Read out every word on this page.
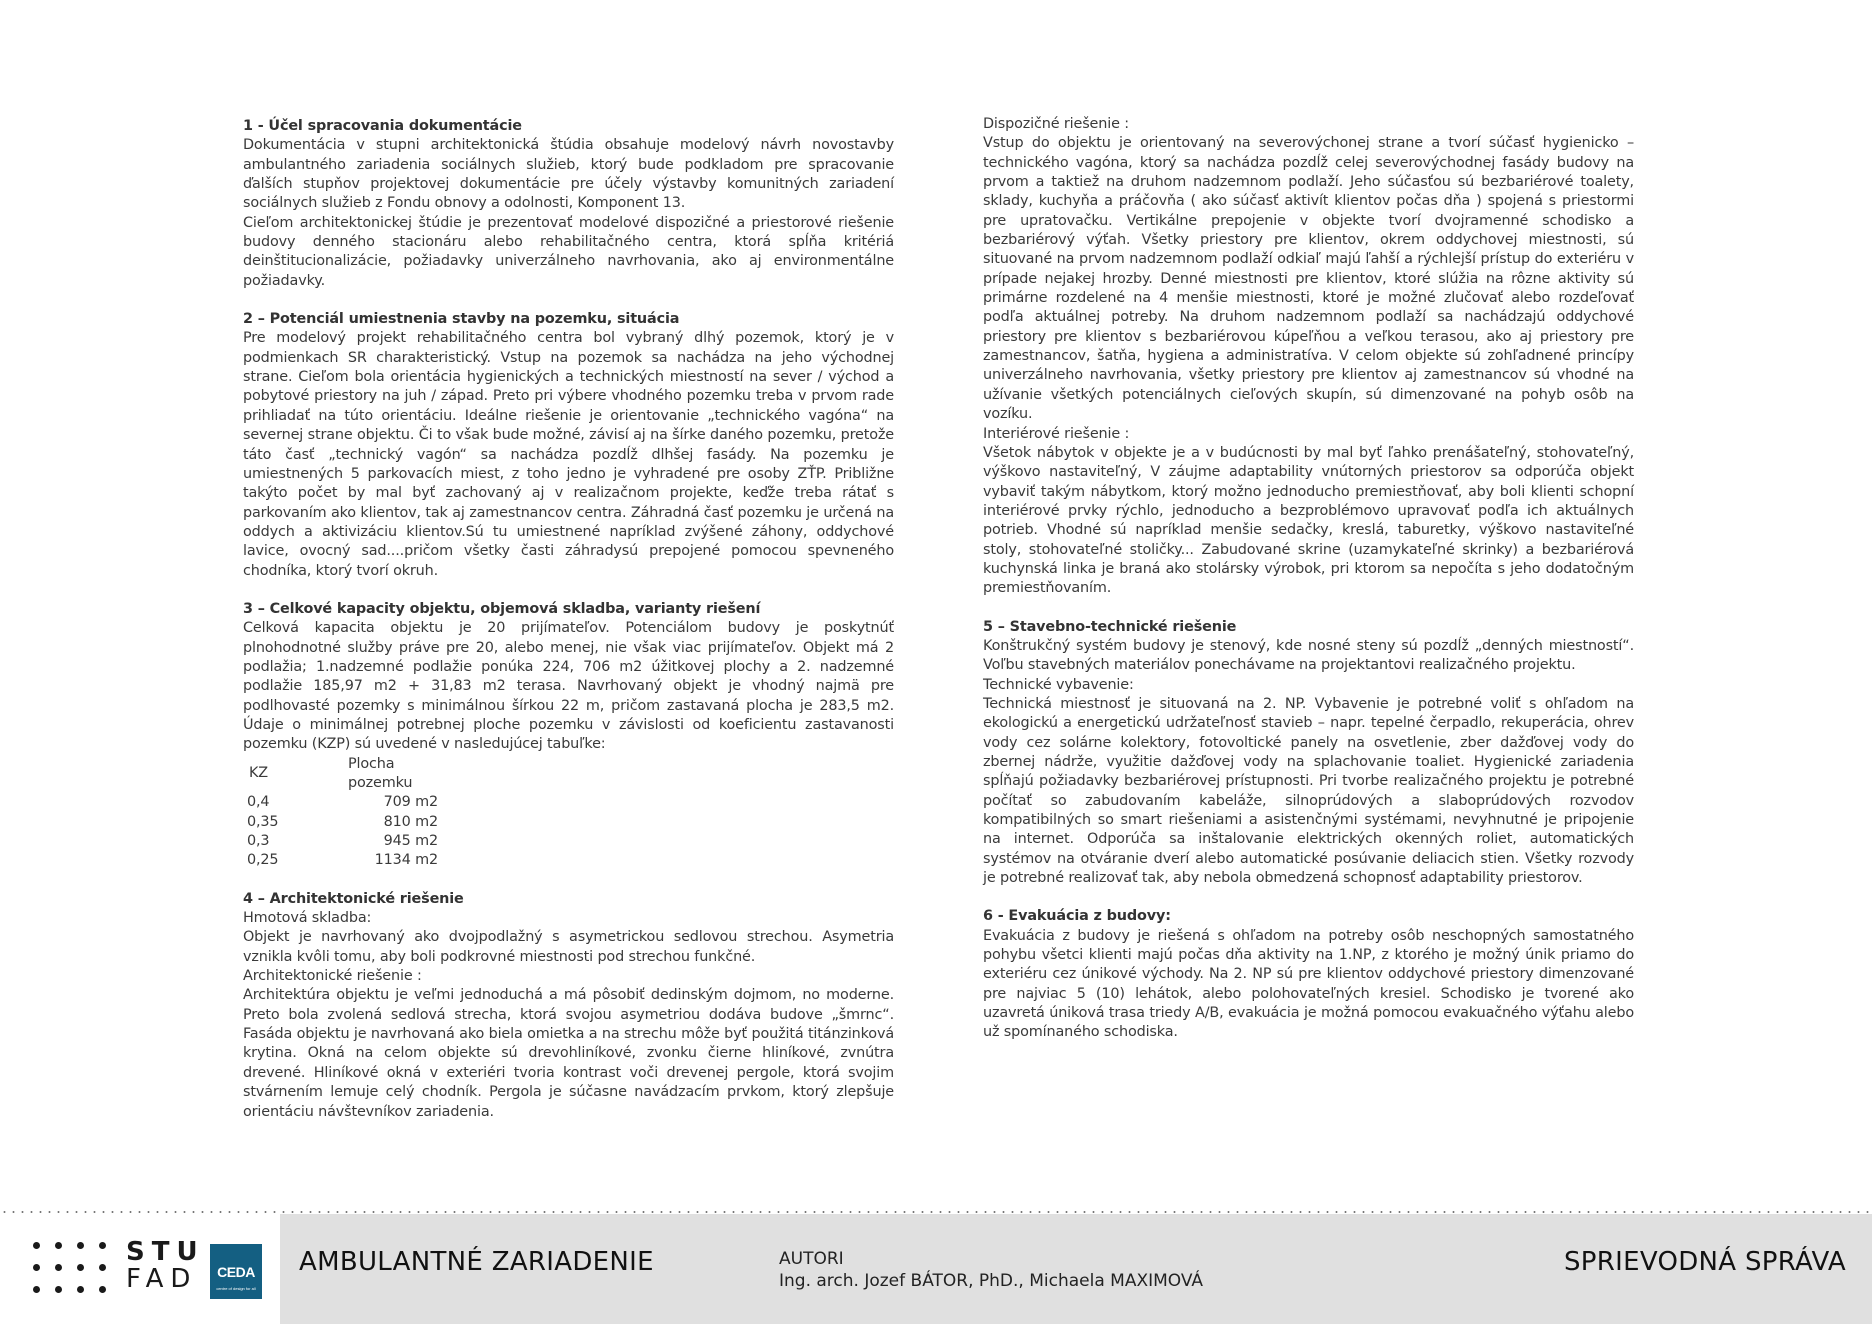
1 - Účel spracovania dokumentácie
Dokumentácia v stupni architektonická štúdia obsahuje modelový návrh novostavby ambulantného zariadenia sociálnych služieb, ktorý bude podkladom pre spracovanie ďalších stupňov projektovej dokumentácie pre účely výstavby komunitných zariadení sociálnych služieb z Fondu obnovy a odolnosti, Komponent 13.
Cieľom architektonickej štúdie je prezentovať modelové dispozičné a priestorové riešenie budovy denného stacionáru alebo rehabilitačného centra, ktorá spĺňa kritériá deinštitucionalizácie, požiadavky univerzálneho navrhovania, ako aj environmentálne požiadavky.
2 – Potenciál umiestnenia stavby na pozemku, situácia
Pre modelový projekt rehabilitačného centra bol vybraný dlhý pozemok, ktorý je v podmienkach SR charakteristický. Vstup na pozemok sa nachádza na jeho východnej strane. Cieľom bola orientácia hygienických a technických miestností na sever / východ a pobytové priestory na juh / západ. Preto pri výbere vhodného pozemku treba v prvom rade prihliadať na túto orientáciu. Ideálne riešenie je orientovanie „technického vagóna“ na severnej strane objektu. Či to však bude možné, závisí aj na šírke daného pozemku, pretože táto časť „technický vagón“ sa nachádza pozdĺž dlhšej fasády. Na pozemku je umiestnených 5 parkovacích miest, z toho jedno je vyhradené pre osoby ZŤP. Približne takýto počet by mal byť zachovaný aj v realizačnom projekte, keďže treba rátať s parkovaním ako klientov, tak aj zamestnancov centra. Záhradná časť pozemku je určená na oddych a aktivizáciu klientov.Sú tu umiestnené napríklad zvýšené záhony, oddychové lavice, ovocný sad....pričom všetky časti záhradysú prepojené pomocou spevneného chodníka, ktorý tvorí okruh.
3 – Celkové kapacity objektu, objemová skladba, varianty riešení
Celková kapacita objektu je 20 prijímateľov. Potenciálom budovy je poskytnúť plnohodnotné služby práve pre 20, alebo menej, nie však viac prijímateľov. Objekt má 2 podlažia; 1.nadzemné podlažie ponúka 224, 706 m2 úžitkovej plochy a 2. nadzemné podlažie 185,97 m2 + 31,83 m2 terasa. Navrhovaný objekt je vhodný najmä pre podlhovasté pozemky s minimálnou šírkou 22 m, pričom zastavaná plocha je 283,5 m2. Údaje o minimálnej potrebnej ploche pozemku v závislosti od koeficientu zastavanosti pozemku (KZP) sú uvedené v nasledujúcej tabuľke:
KZ	Plocha pozemku
0,4	709 m2
0,35	810 m2
0,3	945 m2
0,25	1134 m2
4 – Architektonické riešenie
Hmotová skladba:
Objekt je navrhovaný ako dvojpodlažný s asymetrickou sedlovou strechou. Asymetria vznikla kvôli tomu, aby boli podkrovné miestnosti pod strechou funkčné.
Architektonické riešenie :
Architektúra objektu je veľmi jednoduchá a má pôsobiť dedinským dojmom, no moderne. Preto bola zvolená sedlová strecha, ktorá svojou asymetriou dodáva budove „šmrnc“. Fasáda objektu je navrhovaná ako biela omietka a na strechu môže byť použitá titánzinková krytina. Okná na celom objekte sú drevohliníkové, zvonku čierne hliníkové, zvnútra drevené. Hliníkové okná v exteriéri tvoria kontrast voči drevenej pergole, ktorá svojim stvárnením lemuje celý chodník. Pergola je súčasne navádzacím prvkom, ktorý zlepšuje orientáciu návštevníkov zariadenia.
Dispozičné riešenie :
Vstup do objektu je orientovaný na severovýchonej strane a tvorí súčasť hygienicko – technického vagóna, ktorý sa nachádza pozdĺž celej severovýchodnej fasády budovy na prvom a taktiež na druhom nadzemnom podlaží. Jeho súčasťou sú bezbariérové toalety, sklady, kuchyňa a práčovňa ( ako súčasť aktivít klientov počas dňa ) spojená s priestormi pre upratovačku. Vertikálne prepojenie v objekte tvorí dvojramenné schodisko a bezbariérový výťah. Všetky priestory pre klientov, okrem oddychovej miestnosti, sú situované na prvom nadzemnom podlaží odkiaľ majú ľahší a rýchlejší prístup do exteriéru v prípade nejakej hrozby. Denné miestnosti pre klientov, ktoré slúžia na rôzne aktivity sú primárne rozdelené na 4 menšie miestnosti, ktoré je možné zlučovať alebo rozdeľovať podľa aktuálnej potreby. Na druhom nadzemnom podlaží sa nachádzajú oddychové priestory pre klientov s bezbariérovou kúpeľňou a veľkou terasou, ako aj priestory pre zamestnancov, šatňa, hygiena a administratíva. V celom objekte sú zohľadnené princípy univerzálneho navrhovania, všetky priestory pre klientov aj zamestnancov sú vhodné na užívanie všetkých potenciálnych cieľových skupín, sú dimenzované na pohyb osôb na vozíku.
Interiérové riešenie :
Všetok nábytok v objekte je a v budúcnosti by mal byť ľahko prenášateľný, stohovateľný, výškovo nastaviteľný, V záujme adaptability vnútorných priestorov sa odporúča objekt vybaviť takým nábytkom, ktorý možno jednoducho premiestňovať, aby boli klienti schopní interiérové prvky rýchlo, jednoducho a bezproblémovo upravovať podľa ich aktuálnych potrieb. Vhodné sú napríklad menšie sedačky, kreslá, taburetky, výškovo nastaviteľné stoly, stohovateľné stoličky... Zabudované skrine (uzamykateľné skrinky) a bezbariérová kuchynská linka je braná ako stolársky výrobok, pri ktorom sa nepočíta s jeho dodatočným premiestňovaním.
5 – Stavebno-technické riešenie
Konštrukčný systém budovy je stenový, kde nosné steny sú pozdĺž „denných miestností“. Voľbu stavebných materiálov ponechávame na projektantovi realizačného projektu.
Technické vybavenie:
Technická miestnosť je situovaná na 2. NP. Vybavenie je potrebné voliť s ohľadom na ekologickú a energetickú udržateľnosť stavieb – napr. tepelné čerpadlo, rekuperácia, ohrev vody cez solárne kolektory, fotovoltické panely na osvetlenie, zber dažďovej vody do zbernej nádrže, využitie dažďovej vody na splachovanie toaliet. Hygienické zariadenia spĺňajú požiadavky bezbariérovej prístupnosti. Pri tvorbe realizačného projektu je potrebné počítať so zabudovaním kabeláže, silnoprúdových a slaboprúdových rozvodov kompatibilných so smart riešeniami a asistenčnými systémami, nevyhnutné je pripojenie na internet. Odporúča sa inštalovanie elektrických okenných roliet, automatických systémov na otváranie dverí alebo automatické posúvanie deliacich stien. Všetky rozvody je potrebné realizovať tak, aby nebola obmedzená schopnosť adaptability priestorov.
6 - Evakuácia z budovy:
Evakuácia z budovy je riešená s ohľadom na potreby osôb neschopných samostatného pohybu všetci klienti majú počas dňa aktivity na 1.NP, z ktorého je možný únik priamo do exteriéru cez únikové východy. Na 2. NP sú pre klientov oddychové priestory dimenzované pre najviac 5 (10) lehátok, alebo polohovateľných kresiel. Schodisko je tvorené ako uzavretá úniková trasa triedy A/B, evakuácia je možná pomocou evakuačného výťahu alebo už spomínaného schodiska.
STU
FAD	CEDA
centre of design for all
AMBULANTNÉ ZARIADENIE	AUTORI
Ing. arch. Jozef BÁTOR, PhD., Michaela MAXIMOVÁ
SPRIEVODNÁ SPRÁVA
